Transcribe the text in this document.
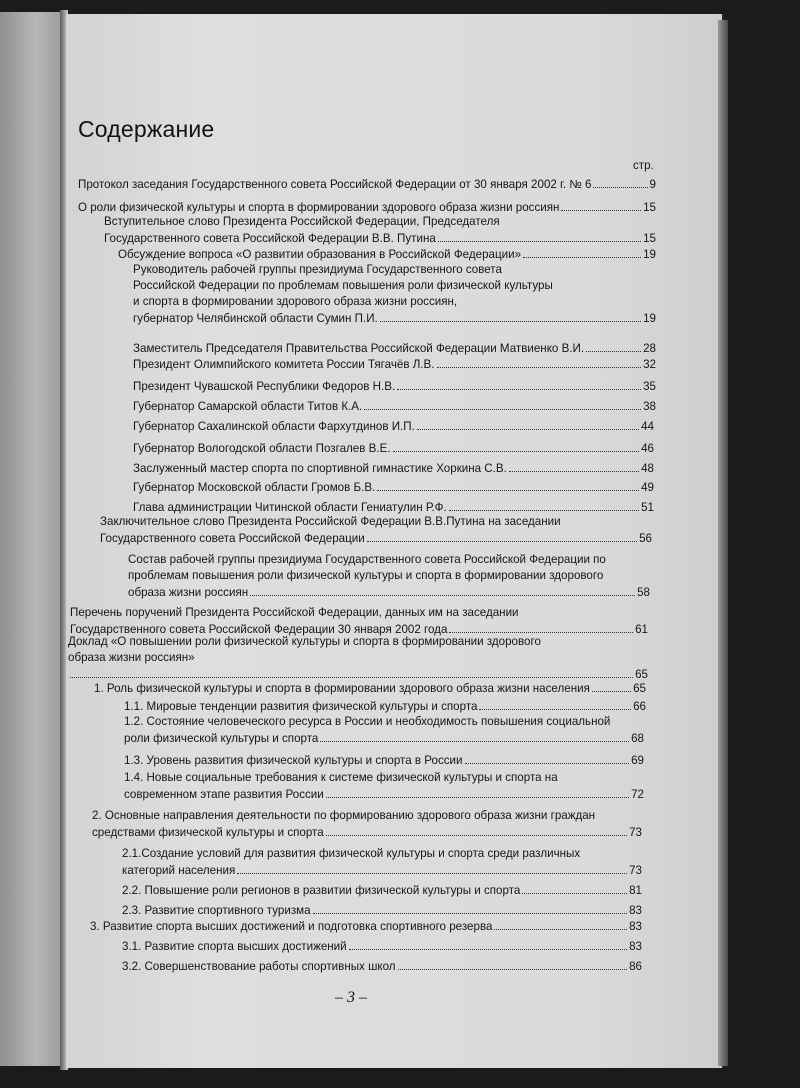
Содержание
стр.
Протокол заседания Государственного совета Российской Федерации от 30 января 2002 г. № 6	9
О роли физической культуры и спорта в формировании здорового образа жизни россиян	15
Вступительное слово Президента Российской Федерации, Председателя
Государственного совета Российской Федерации В.В. Путина	15
Обсуждение вопроса «О развитии образования в Российской Федерации»	19
Руководитель рабочей группы президиума Государственного совета
Российской Федерации по проблемам повышения роли физической культуры
и спорта в формировании здорового образа жизни россиян,
губернатор Челябинской области Сумин П.И.	19
Заместитель Председателя Правительства Российской Федерации Матвиенко В.И.	28
Президент Олимпийского комитета России Тягачёв Л.В.	32
Президент Чувашской Республики Федоров Н.В.	35
Губернатор Самарской области Титов К.А.	38
Губернатор Сахалинской области Фархутдинов И.П.	44
Губернатор Вологодской области Позгалев В.Е.	46
Заслуженный мастер спорта по спортивной гимнастике Хоркина С.В.	48
Губернатор Московской области Громов Б.В.	49
Глава администрации Читинской области Гениатулин Р.Ф.	51
Заключительное слово Президента Российской Федерации В.В.Путина на заседании
Государственного совета Российской Федерации	56
Состав рабочей группы президиума Государственного совета Российской Федерации по
проблемам повышения роли физической культуры и спорта в формировании здорового
образа жизни россиян	58
Перечень поручений Президента Российской Федерации, данных им на заседании
Государственного совета Российской Федерации 30 января 2002 года	61
Доклад «О повышении роли физической культуры и спорта в формировании здорового
образа жизни россиян»
65
1. Роль физической культуры и спорта в формировании здорового образа жизни населения	65
1.1. Мировые тенденции развития физической культуры и спорта	66
1.2. Состояние человеческого ресурса в России и необходимость повышения социальной
роли физической культуры и спорта	68
1.3. Уровень развития физической культуры и спорта в России	69
1.4. Новые социальные требования к системе физической культуры и спорта на
современном этапе развития России	72
2. Основные направления деятельности по формированию здорового образа жизни граждан
средствами физической культуры и спорта	73
2.1.Создание условий для развития физической культуры и спорта среди различных
категорий населения	73
2.2. Повышение роли регионов в развитии физической культуры и спорта	81
2.3. Развитие спортивного туризма	83
3. Развитие спорта высших достижений и подготовка спортивного резерва	83
3.1. Развитие спорта высших достижений	83
3.2. Совершенствование работы спортивных школ	86
– 3 –
